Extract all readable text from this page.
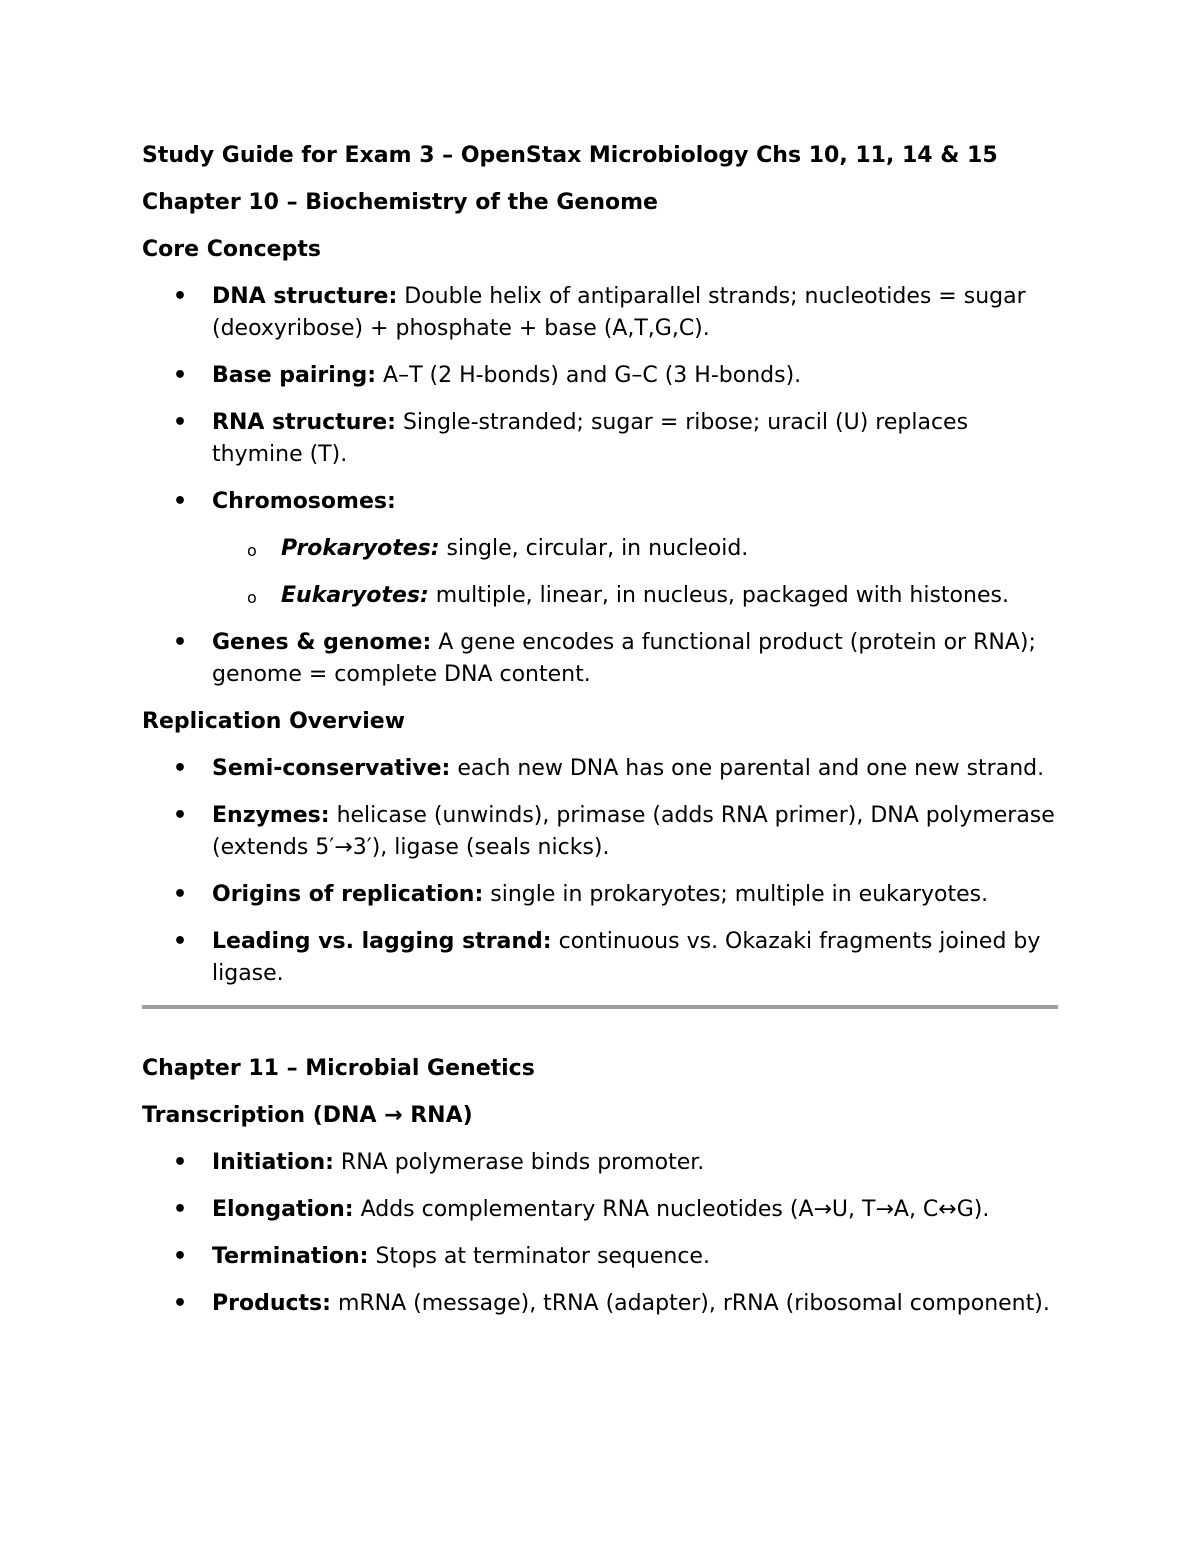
Study Guide for Exam 3 – OpenStax Microbiology Chs 10, 11, 14 & 15
Chapter 10 – Biochemistry of the Genome
Core Concepts
• DNA structure: Double helix of antiparallel strands; nucleotides = sugar (deoxyribose) + phosphate + base (A,T,G,C).
• Base pairing: A–T (2 H-bonds) and G–C (3 H-bonds).
• RNA structure: Single-stranded; sugar = ribose; uracil (U) replaces thymine (T).
• Chromosomes:
o Prokaryotes: single, circular, in nucleoid.
o Eukaryotes: multiple, linear, in nucleus, packaged with histones.
• Genes & genome: A gene encodes a functional product (protein or RNA); genome = complete DNA content.
Replication Overview
• Semi-conservative: each new DNA has one parental and one new strand.
• Enzymes: helicase (unwinds), primase (adds RNA primer), DNA polymerase (extends 5′→3′), ligase (seals nicks).
• Origins of replication: single in prokaryotes; multiple in eukaryotes.
• Leading vs. lagging strand: continuous vs. Okazaki fragments joined by ligase.
Chapter 11 – Microbial Genetics
Transcription (DNA → RNA)
• Initiation: RNA polymerase binds promoter.
• Elongation: Adds complementary RNA nucleotides (A→U, T→A, C↔G).
• Termination: Stops at terminator sequence.
• Products: mRNA (message), tRNA (adapter), rRNA (ribosomal component).
